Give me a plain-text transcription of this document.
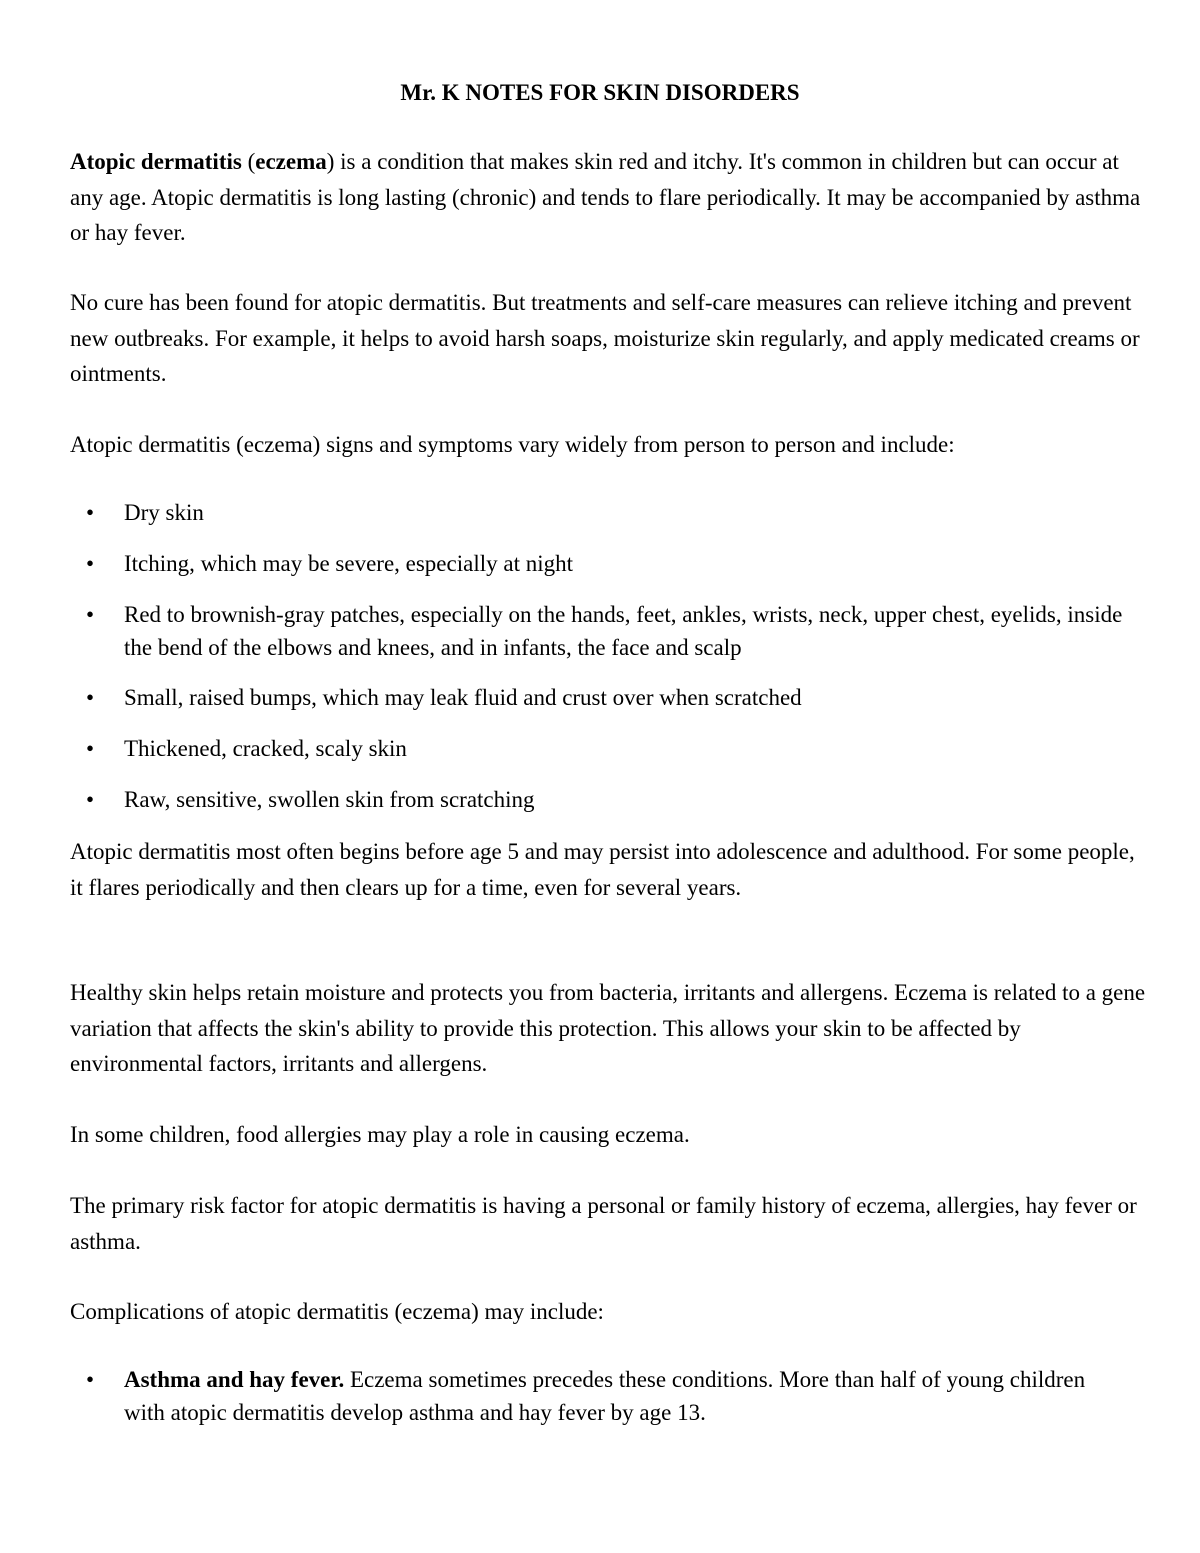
Mr. K NOTES FOR SKIN DISORDERS

Atopic dermatitis (eczema) is a condition that makes skin red and itchy. It's common in children but can occur at any age. Atopic dermatitis is long lasting (chronic) and tends to flare periodically. It may be accompanied by asthma or hay fever.

No cure has been found for atopic dermatitis. But treatments and self-care measures can relieve itching and prevent new outbreaks. For example, it helps to avoid harsh soaps, moisturize skin regularly, and apply medicated creams or ointments.

Atopic dermatitis (eczema) signs and symptoms vary widely from person to person and include:

• Dry skin
• Itching, which may be severe, especially at night
• Red to brownish-gray patches, especially on the hands, feet, ankles, wrists, neck, upper chest, eyelids, inside the bend of the elbows and knees, and in infants, the face and scalp
• Small, raised bumps, which may leak fluid and crust over when scratched
• Thickened, cracked, scaly skin
• Raw, sensitive, swollen skin from scratching

Atopic dermatitis most often begins before age 5 and may persist into adolescence and adulthood. For some people, it flares periodically and then clears up for a time, even for several years.

Healthy skin helps retain moisture and protects you from bacteria, irritants and allergens. Eczema is related to a gene variation that affects the skin's ability to provide this protection. This allows your skin to be affected by environmental factors, irritants and allergens.

In some children, food allergies may play a role in causing eczema.

The primary risk factor for atopic dermatitis is having a personal or family history of eczema, allergies, hay fever or asthma.

Complications of atopic dermatitis (eczema) may include:

• Asthma and hay fever. Eczema sometimes precedes these conditions. More than half of young children with atopic dermatitis develop asthma and hay fever by age 13.
